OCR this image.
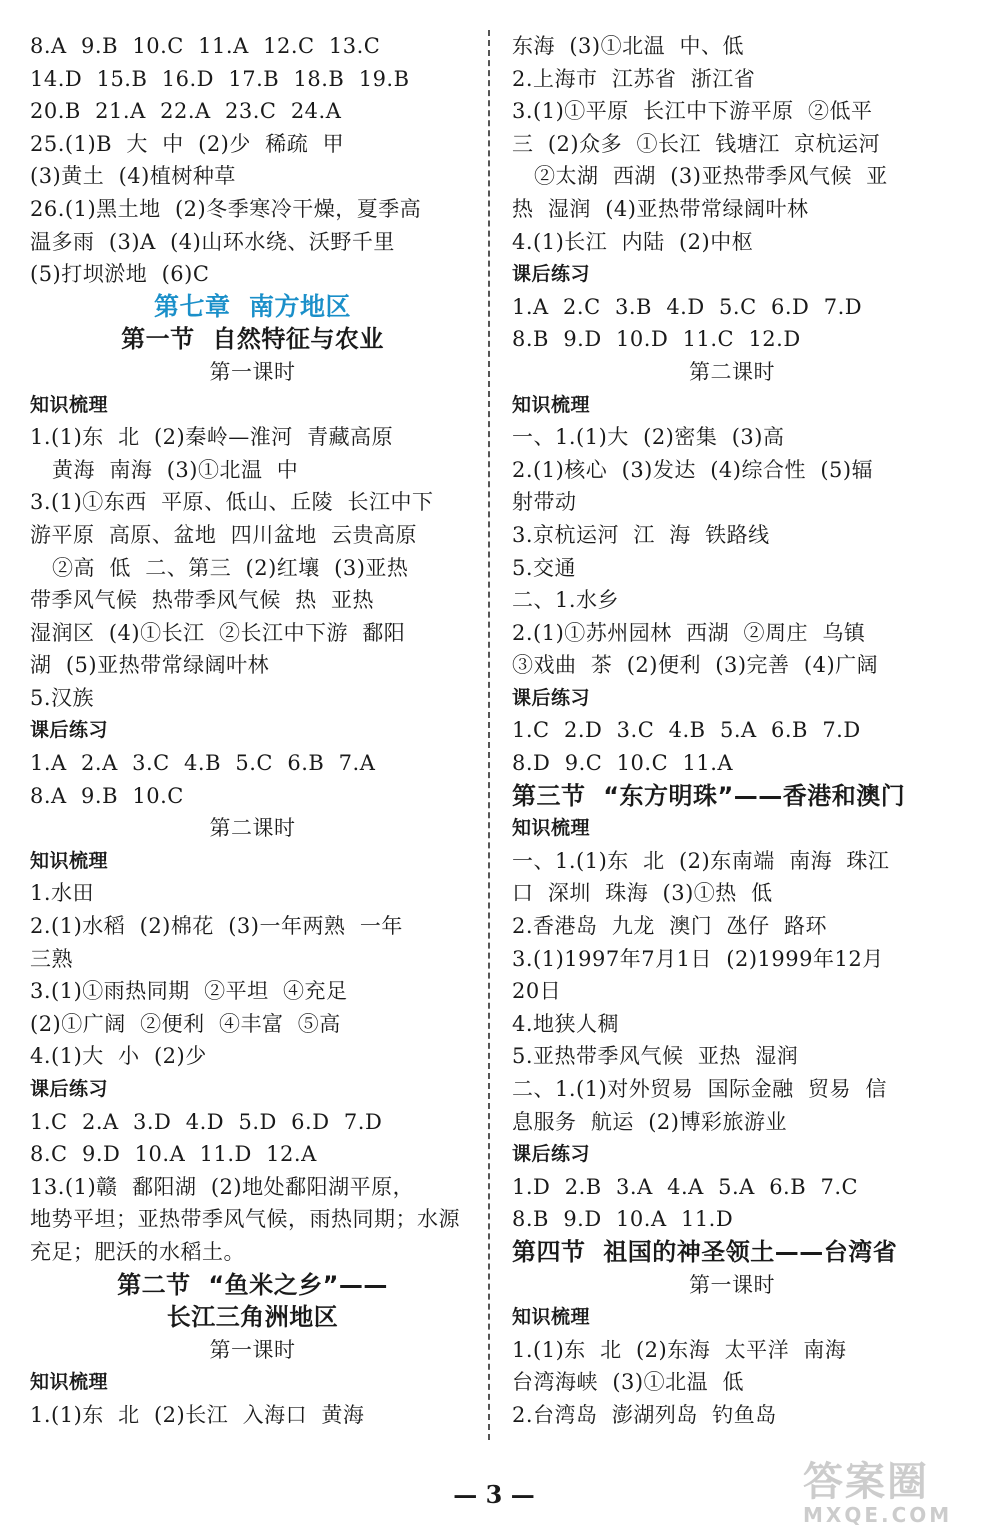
8.A  9.B  10.C  11.A  12.C  13.C
14.D  15.B  16.D  17.B  18.B  19.B
20.B  21.A  22.A  23.C  24.A
25.(1)B  大  中  (2)少  稀疏  甲
(3)黄土  (4)植树种草
26.(1)黑土地  (2)冬季寒冷干燥，夏季高
温多雨  (3)A  (4)山环水绕、沃野千里
(5)打坝淤地  (6)C
第七章  南方地区
第一节  自然特征与农业
第一课时
知识梳理
1.(1)东  北  (2)秦岭—淮河  青藏高原
黄海  南海  (3)①北温  中
3.(1)①东西  平原、低山、丘陵  长江中下
游平原  高原、盆地  四川盆地  云贵高原
②高  低  二、第三  (2)红壤  (3)亚热
带季风气候  热带季风气候  热  亚热
湿润区  (4)①长江  ②长江中下游  鄱阳
湖  (5)亚热带常绿阔叶林
5.汉族
课后练习
1.A  2.A  3.C  4.B  5.C  6.B  7.A
8.A  9.B  10.C
第二课时
知识梳理
1.水田
2.(1)水稻  (2)棉花  (3)一年两熟  一年
三熟
3.(1)①雨热同期  ②平坦  ④充足
(2)①广阔  ②便利  ④丰富  ⑤高
4.(1)大  小  (2)少
课后练习
1.C  2.A  3.D  4.D  5.D  6.D  7.D
8.C  9.D  10.A  11.D  12.A
13.(1)赣  鄱阳湖  (2)地处鄱阳湖平原，
地势平坦；亚热带季风气候，雨热同期；水源
充足；肥沃的水稻土。
第二节  “鱼米之乡”——
长江三角洲地区
第一课时
知识梳理
1.(1)东  北  (2)长江  入海口  黄海
东海  (3)①北温  中、低
2.上海市  江苏省  浙江省
3.(1)①平原  长江中下游平原  ②低平
三  (2)众多  ①长江  钱塘江  京杭运河
②太湖  西湖  (3)亚热带季风气候  亚
热  湿润  (4)亚热带常绿阔叶林
4.(1)长江  内陆  (2)中枢
课后练习
1.A  2.C  3.B  4.D  5.C  6.D  7.D
8.B  9.D  10.D  11.C  12.D
第二课时
知识梳理
一、1.(1)大  (2)密集  (3)高
2.(1)核心  (3)发达  (4)综合性  (5)辐
射带动
3.京杭运河  江  海  铁路线
5.交通
二、1.水乡
2.(1)①苏州园林  西湖  ②周庄  乌镇
③戏曲  茶  (2)便利  (3)完善  (4)广阔
课后练习
1.C  2.D  3.C  4.B  5.A  6.B  7.D
8.D  9.C  10.C  11.A
第三节  “东方明珠”——香港和澳门
知识梳理
一、1.(1)东  北  (2)东南端  南海  珠江
口  深圳  珠海  (3)①热  低
2.香港岛  九龙  澳门  氹仔  路环
3.(1)1997年7月1日  (2)1999年12月
20日
4.地狭人稠
5.亚热带季风气候  亚热  湿润
二、1.(1)对外贸易  国际金融  贸易  信
息服务  航运  (2)博彩旅游业
课后练习
1.D  2.B  3.A  4.A  5.A  6.B  7.C
8.B  9.D  10.A  11.D
第四节  祖国的神圣领土——台湾省
第一课时
知识梳理
1.(1)东  北  (2)东海  太平洋  南海
台湾海峡  (3)①北温  低
2.台湾岛  澎湖列岛  钓鱼岛
— 3 —	答案圈
MXQE.COM
